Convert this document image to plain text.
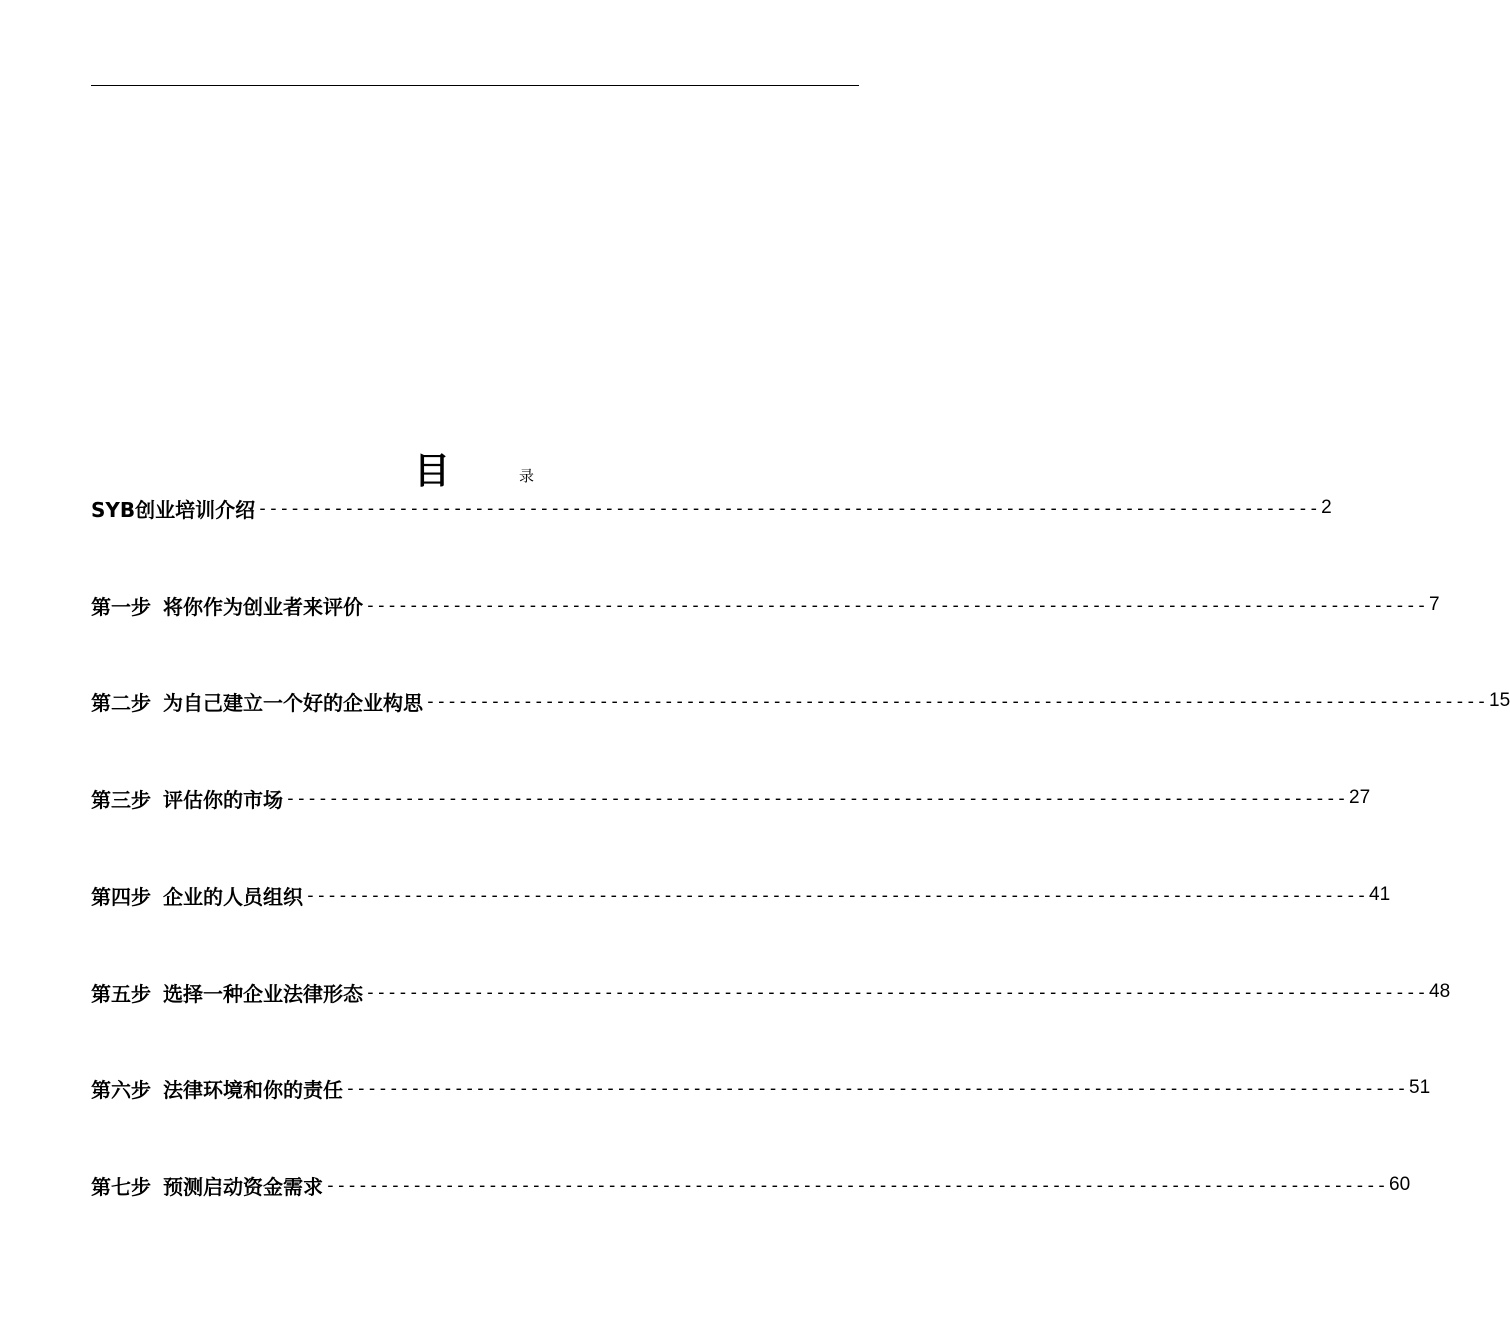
目	录
SYB创业培训介绍 -------------------------------------------------------------------------------------------------- 2
第一步 将你作为创业者来评价 -------------------------------------------------------------------------------------------------- 7
第二步 为自己建立一个好的企业构思 -------------------------------------------------------------------------------------------------- 15
第三步 评估你的市场 -------------------------------------------------------------------------------------------------- 27
第四步 企业的人员组织 -------------------------------------------------------------------------------------------------- 41
第五步 选择一种企业法律形态 -------------------------------------------------------------------------------------------------- 48
第六步 法律环境和你的责任 -------------------------------------------------------------------------------------------------- 51
第七步 预测启动资金需求 -------------------------------------------------------------------------------------------------- 60
